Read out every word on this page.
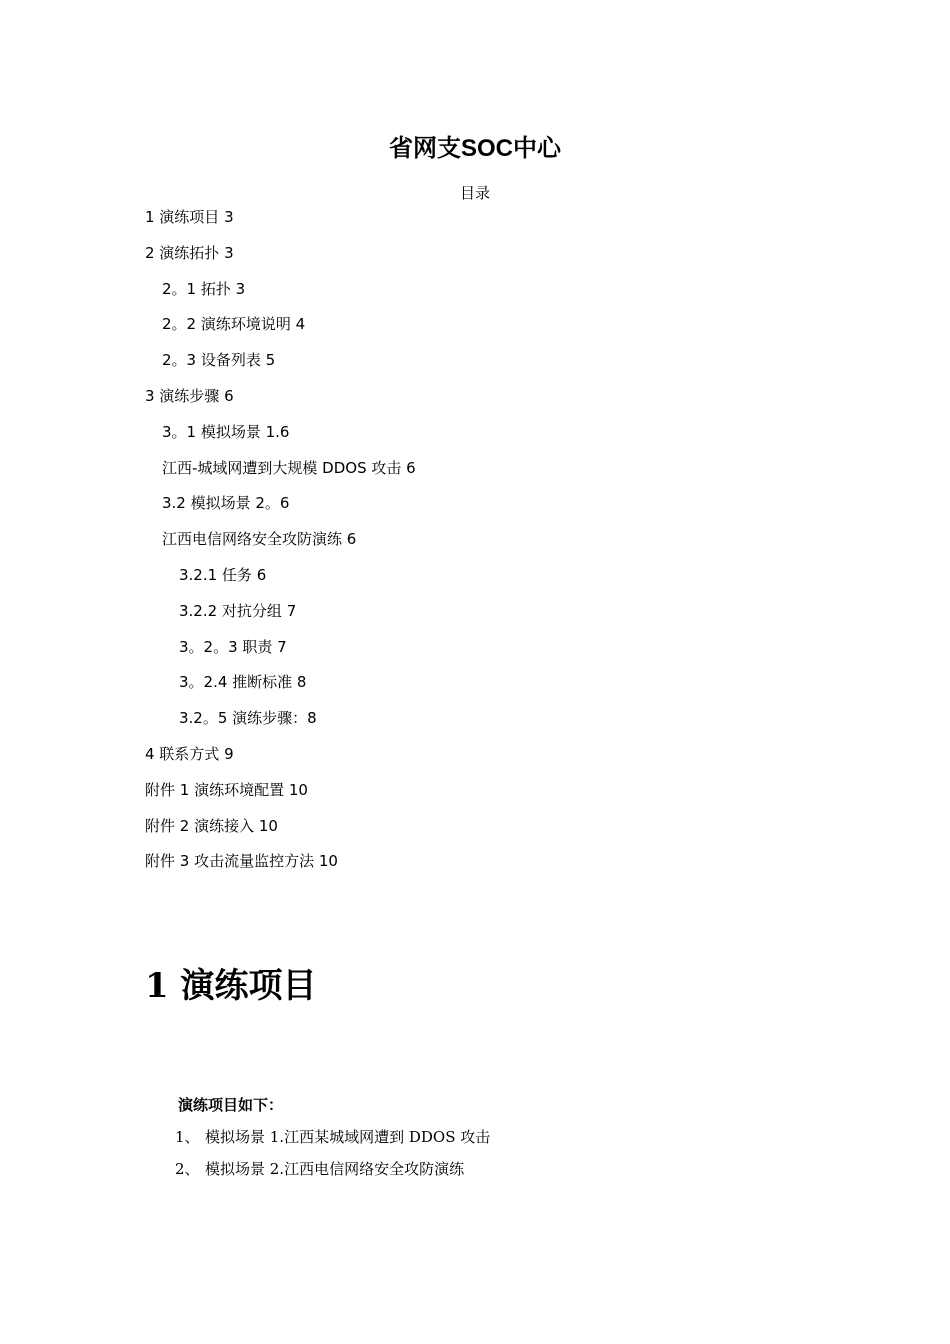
省网支SOC中心
目录
1 演练项目 3
2 演练拓扑 3
2。1 拓扑 3
2。2 演练环境说明 4
2。3 设备列表 5
3 演练步骤 6
3。1 模拟场景 1.6
江西-城域网遭到大规模 DDOS 攻击 6
3.2 模拟场景 2。6
江西电信网络安全攻防演练 6
3.2.1 任务 6
3.2.2 对抗分组 7
3。2。3 职责 7
3。2.4 推断标准 8
3.2。5 演练步骤：8
4 联系方式 9
附件 1 演练环境配置 10
附件 2 演练接入 10
附件 3 攻击流量监控方法 10
1 演练项目
演练项目如下：
1、 模拟场景 1.江西某城域网遭到 DDOS 攻击
2、 模拟场景 2.江西电信网络安全攻防演练
